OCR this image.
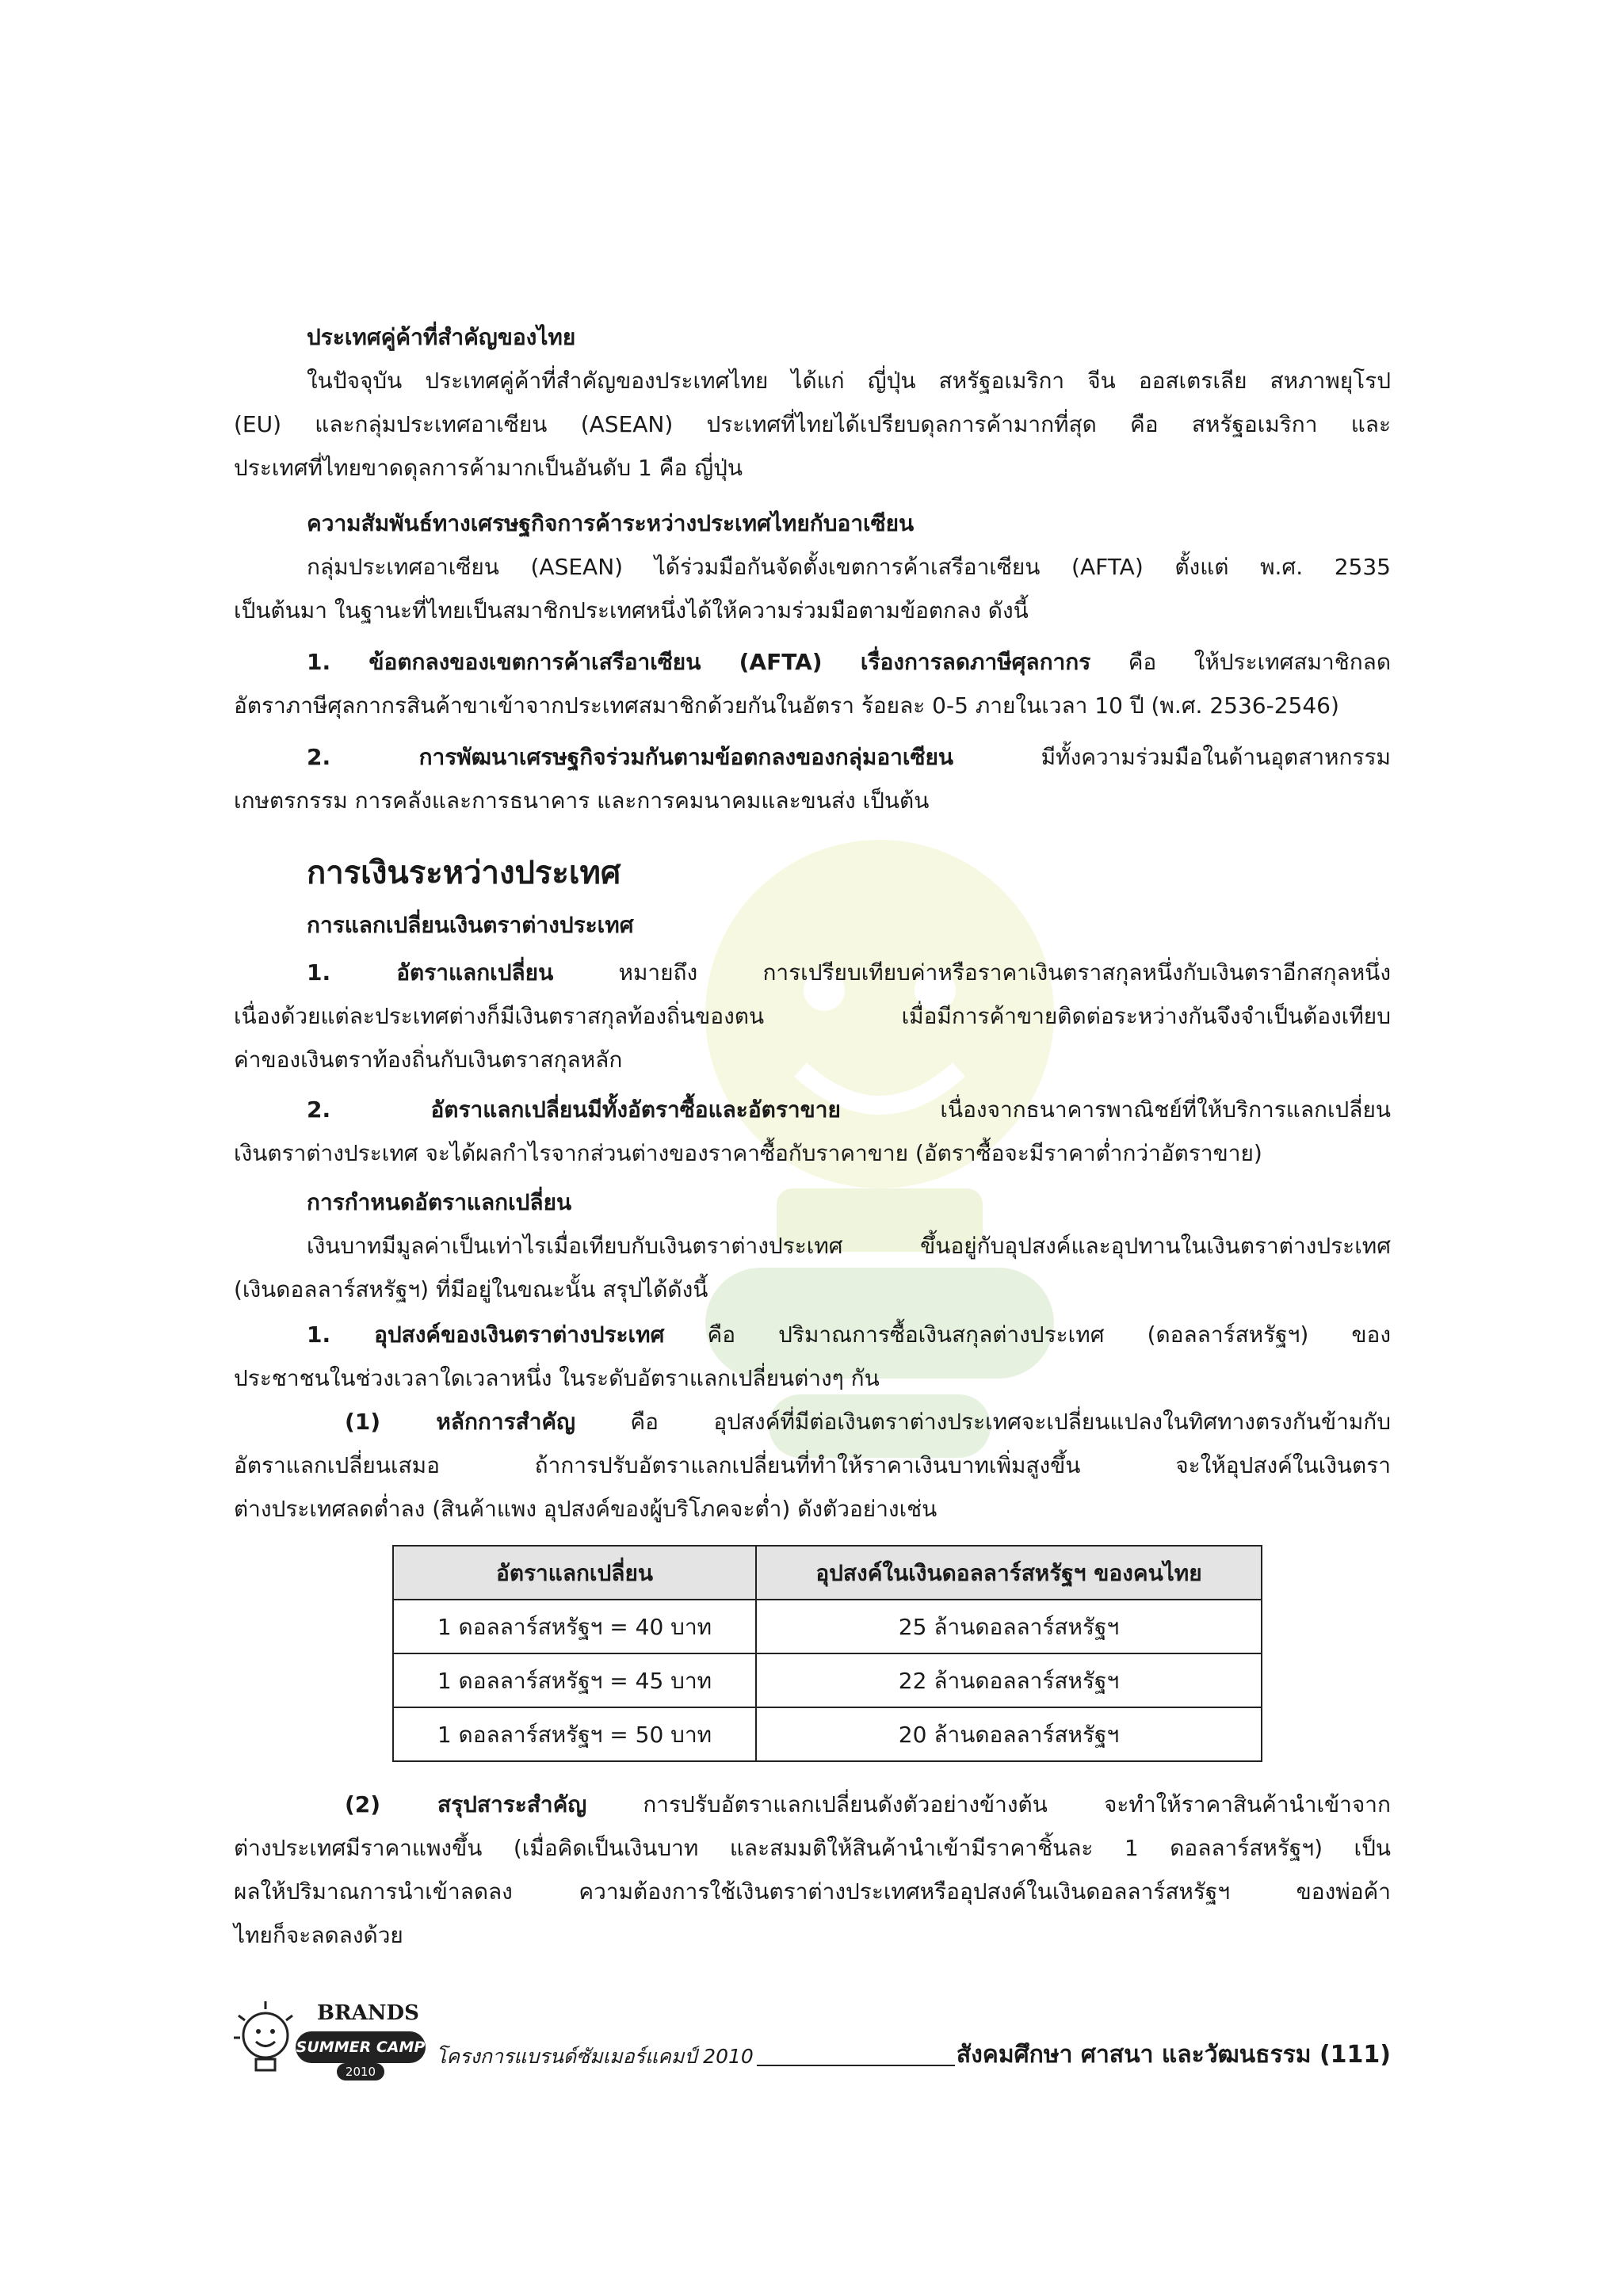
ประเทศคู่ค้าที่สำคัญของไทย
ในปัจจุบัน ประเทศคู่ค้าที่สำคัญของประเทศไทย ได้แก่ ญี่ปุ่น สหรัฐอเมริกา จีน ออสเตรเลีย สหภาพยุโรป
(EU) และกลุ่มประเทศอาเซียน (ASEAN) ประเทศที่ไทยได้เปรียบดุลการค้ามากที่สุด คือ สหรัฐอเมริกา และ
ประเทศที่ไทยขาดดุลการค้ามากเป็นอันดับ 1 คือ ญี่ปุ่น
ความสัมพันธ์ทางเศรษฐกิจการค้าระหว่างประเทศไทยกับอาเซียน
กลุ่มประเทศอาเซียน (ASEAN) ได้ร่วมมือกันจัดตั้งเขตการค้าเสรีอาเซียน (AFTA) ตั้งแต่ พ.ศ. 2535
เป็นต้นมา ในฐานะที่ไทยเป็นสมาชิกประเทศหนึ่งได้ให้ความร่วมมือตามข้อตกลง ดังนี้
1. ข้อตกลงของเขตการค้าเสรีอาเซียน (AFTA) เรื่องการลดภาษีศุลกากร คือ ให้ประเทศสมาชิกลด
อัตราภาษีศุลกากรสินค้าขาเข้าจากประเทศสมาชิกด้วยกันในอัตรา ร้อยละ 0-5 ภายในเวลา 10 ปี (พ.ศ. 2536-2546)
2. การพัฒนาเศรษฐกิจร่วมกันตามข้อตกลงของกลุ่มอาเซียน	มีทั้งความร่วมมือในด้านอุตสาหกรรม
เกษตรกรรม การคลังและการธนาคาร และการคมนาคมและขนส่ง เป็นต้น
การเงินระหว่างประเทศ
การแลกเปลี่ยนเงินตราต่างประเทศ
1. อัตราแลกเปลี่ยน	หมายถึง การเปรียบเทียบค่าหรือราคาเงินตราสกุลหนึ่งกับเงินตราอีกสกุลหนึ่ง
เนื่องด้วยแต่ละประเทศต่างก็มีเงินตราสกุลท้องถิ่นของตน เมื่อมีการค้าขายติดต่อระหว่างกันจึงจำเป็นต้องเทียบ
ค่าของเงินตราท้องถิ่นกับเงินตราสกุลหลัก
2. อัตราแลกเปลี่ยนมีทั้งอัตราซื้อและอัตราขาย	เนื่องจากธนาคารพาณิชย์ที่ให้บริการแลกเปลี่ยน
เงินตราต่างประเทศ จะได้ผลกำไรจากส่วนต่างของราคาซื้อกับราคาขาย (อัตราซื้อจะมีราคาต่ำกว่าอัตราขาย)
การกำหนดอัตราแลกเปลี่ยน
เงินบาทมีมูลค่าเป็นเท่าไรเมื่อเทียบกับเงินตราต่างประเทศ ขึ้นอยู่กับอุปสงค์และอุปทานในเงินตราต่างประเทศ
(เงินดอลลาร์สหรัฐฯ) ที่มีอยู่ในขณะนั้น สรุปได้ดังนี้
1. อุปสงค์ของเงินตราต่างประเทศ คือ ปริมาณการซื้อเงินสกุลต่างประเทศ (ดอลลาร์สหรัฐฯ) ของ
ประชาชนในช่วงเวลาใดเวลาหนึ่ง ในระดับอัตราแลกเปลี่ยนต่างๆ กัน
(1) หลักการสำคัญ คือ อุปสงค์ที่มีต่อเงินตราต่างประเทศจะเปลี่ยนแปลงในทิศทางตรงกันข้ามกับ
อัตราแลกเปลี่ยนเสมอ ถ้าการปรับอัตราแลกเปลี่ยนที่ทำให้ราคาเงินบาทเพิ่มสูงขึ้น จะให้อุปสงค์ในเงินตรา
ต่างประเทศลดต่ำลง (สินค้าแพง อุปสงค์ของผู้บริโภคจะต่ำ) ดังตัวอย่างเช่น
อัตราแลกเปลี่ยน	อุปสงค์ในเงินดอลลาร์สหรัฐฯ ของคนไทย
1 ดอลลาร์สหรัฐฯ = 40 บาท	25 ล้านดอลลาร์สหรัฐฯ
1 ดอลลาร์สหรัฐฯ = 45 บาท	22 ล้านดอลลาร์สหรัฐฯ
1 ดอลลาร์สหรัฐฯ = 50 บาท	20 ล้านดอลลาร์สหรัฐฯ
(2) สรุปสาระสำคัญ	การปรับอัตราแลกเปลี่ยนดังตัวอย่างข้างต้น จะทำให้ราคาสินค้านำเข้าจาก
ต่างประเทศมีราคาแพงขึ้น (เมื่อคิดเป็นเงินบาท และสมมติให้สินค้านำเข้ามีราคาชิ้นละ 1 ดอลลาร์สหรัฐฯ) เป็น
ผลให้ปริมาณการนำเข้าลดลง ความต้องการใช้เงินตราต่างประเทศหรืออุปสงค์ในเงินดอลลาร์สหรัฐฯ ของพ่อค้า
ไทยก็จะลดลงด้วย
BRANDS
SUMMER CAMP
2010
โครงการแบรนด์ซัมเมอร์แคมป์ 2010	สังคมศึกษา ศาสนา และวัฒนธรรม (111)
